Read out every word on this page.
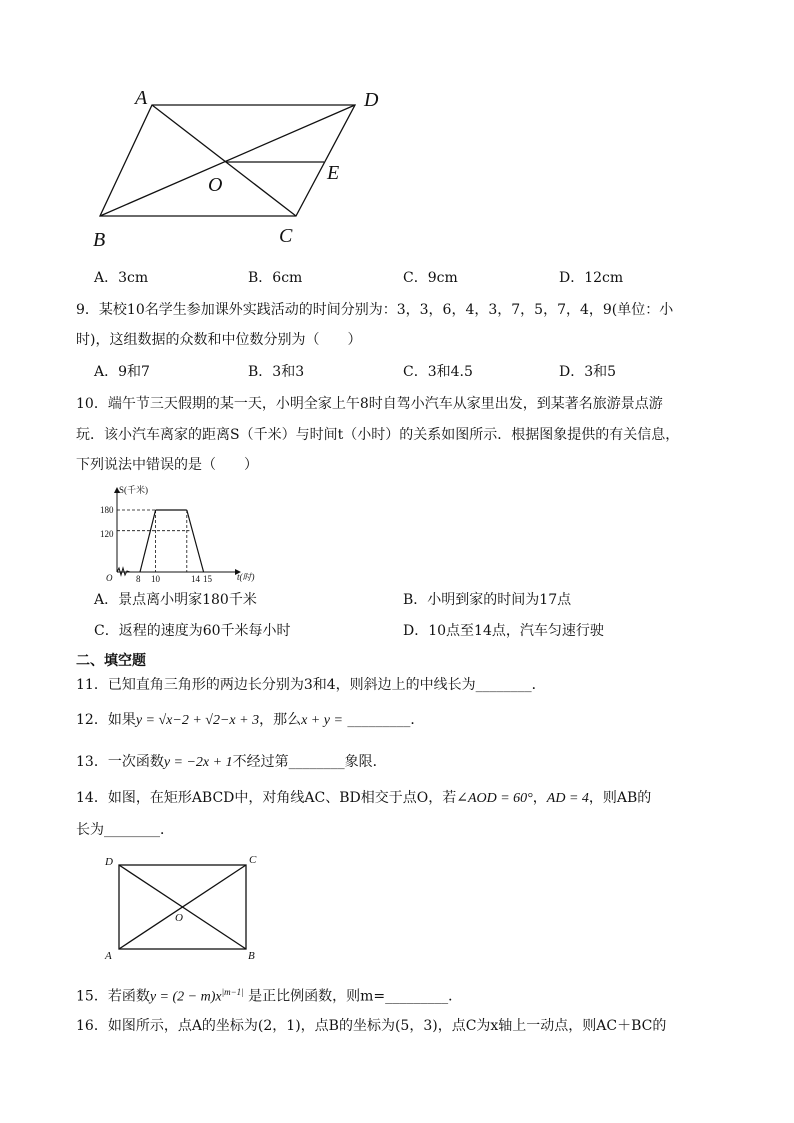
A	D
O
E
B	C
A．3cm	B．6cm	C．9cm	D．12cm
9．某校10名学生参加课外实践活动的时间分别为：3，3，6，4，3，7，5，7，4，9(单位：小
时)，这组数据的众数和中位数分别为（　　）
A．9和7	B．3和3	C．3和4.5	D．3和5
10．端午节三天假期的某一天，小明全家上午8时自驾小汽车从家里出发，到某著名旅游景点游
玩．该小汽车离家的距离S（千米）与时间t（小时）的关系如图所示．根据图象提供的有关信息，
下列说法中错误的是（　　）
S(千米)
t(时)
O
180
120
8 10	14 15
A．景点离小明家180千米	B．小明到家的时间为17点
C．返程的速度为60千米每小时	D．10点至14点，汽车匀速行驶
二、填空题
11．已知直角三角形的两边长分别为3和4，则斜边上的中线长为________．
12．如果y = √x−2 + √2−x + 3，那么x + y = _________．
13．一次函数y = −2x + 1不经过第________象限．
14．如图，在矩形ABCD中，对角线AC、BD相交于点O，若∠AOD = 60°，AD = 4，则AB的
长为________．
D	C
O
A	B
15．若函数$y = (2 - m)x^{|m-1|}$ 是正比例函数，则m=_________．
16．如图所示，点A的坐标为(2，1)，点B的坐标为(5，3)，点C为x轴上一动点，则AC＋BC的
